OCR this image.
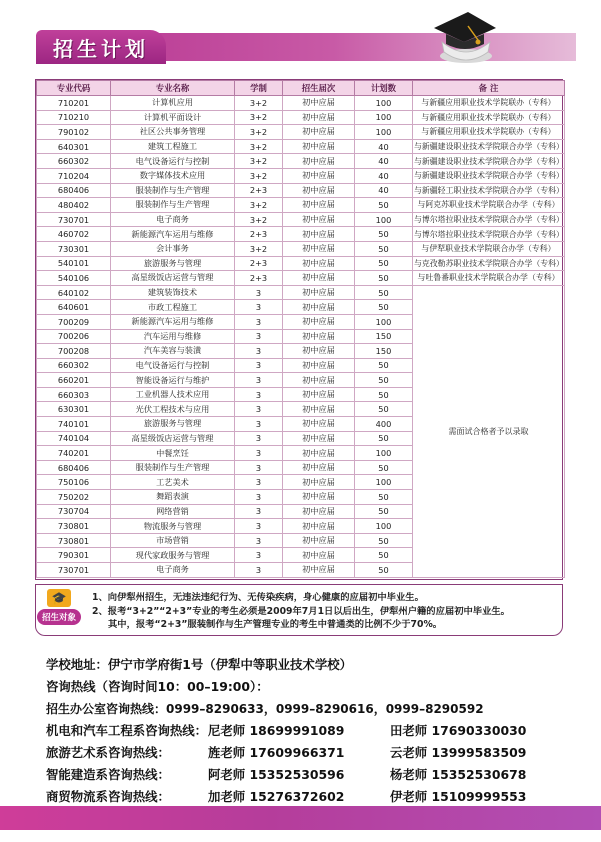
招生计划
专业代码	专业名称	学制	招生届次	计划数	备 注
710201	计算机应用	3+2	初中应届	100	与新疆应用职业技术学院联办（专科）
710210	计算机平面设计	3+2	初中应届	100	与新疆应用职业技术学院联办（专科）
790102	社区公共事务管理	3+2	初中应届	100	与新疆应用职业技术学院联办（专科）
640301	建筑工程施工	3+2	初中应届	40	与新疆建设职业技术学院联合办学（专科）
660302	电气设备运行与控制	3+2	初中应届	40	与新疆建设职业技术学院联合办学（专科）
710204	数字媒体技术应用	3+2	初中应届	40	与新疆建设职业技术学院联合办学（专科）
680406	服装制作与生产管理	2+3	初中应届	40	与新疆轻工职业技术学院联合办学（专科）
480402	服装制作与生产管理	3+2	初中应届	50	与阿克苏职业技术学院联合办学（专科）
730701	电子商务	3+2	初中应届	100	与博尔塔拉职业技术学院联合办学（专科）
460702	新能源汽车运用与维修	2+3	初中应届	50	与博尔塔拉职业技术学院联合办学（专科）
730301	会计事务	3+2	初中应届	50	与伊犁职业技术学院联合办学（专科）
540101	旅游服务与管理	2+3	初中应届	50	与克孜勒苏职业技术学院联合办学（专科）
540106	高星级饭店运营与管理	2+3	初中应届	50	与吐鲁番职业技术学院联合办学（专科）
640102	建筑装饰技术	3	初中应届	50	需面试合格者予以录取
640601	市政工程施工	3	初中应届	50	
700209	新能源汽车运用与维修	3	初中应届	100	
700206	汽车运用与维修	3	初中应届	150	
700208	汽车美容与装潢	3	初中应届	150	
660302	电气设备运行与控制	3	初中应届	50	
660201	智能设备运行与维护	3	初中应届	50	
660303	工业机器人技术应用	3	初中应届	50	
630301	光伏工程技术与应用	3	初中应届	50	
740101	旅游服务与管理	3	初中应届	400	
740104	高星级饭店运营与管理	3	初中应届	50	
740201	中餐烹饪	3	初中应届	100	
680406	服装制作与生产管理	3	初中应届	50	
750106	工艺美术	3	初中应届	100	
750202	舞蹈表演	3	初中应届	50	
730704	网络营销	3	初中应届	50	
730801	物流服务与管理	3	初中应届	100	
730801	市场营销	3	初中应届	50	
790301	现代家政服务与管理	3	初中应届	50	
730701	电子商务	3	初中应届	50	
🎓
招生对象
1、向伊犁州招生，无违法违纪行为、无传染疾病，身心健康的应届初中毕业生。
2、报考“3+2”“2+3”专业的考生必须是2009年7月1日以后出生，伊犁州户籍的应届初中毕业生。
其中，报考“2+3”服装制作与生产管理专业的考生中普通类的比例不少于70%。
学校地址：伊宁市学府街1号（伊犁中等职业技术学校）
咨询热线（咨询时间10：00–19:00）：
招生办公室咨询热线：0999–8290633，0999–8290616，0999–8290592
机电和汽车工程系咨询热线： 尼老师 18699991089	田老师 17690330030
旅游艺术系咨询热线：	旌老师 17609966371	云老师 13999583509
智能建造系咨询热线：	阿老师 15352530596	杨老师 15352530678
商贸物流系咨询热线：	加老师 15276372602	伊老师 15109999553
